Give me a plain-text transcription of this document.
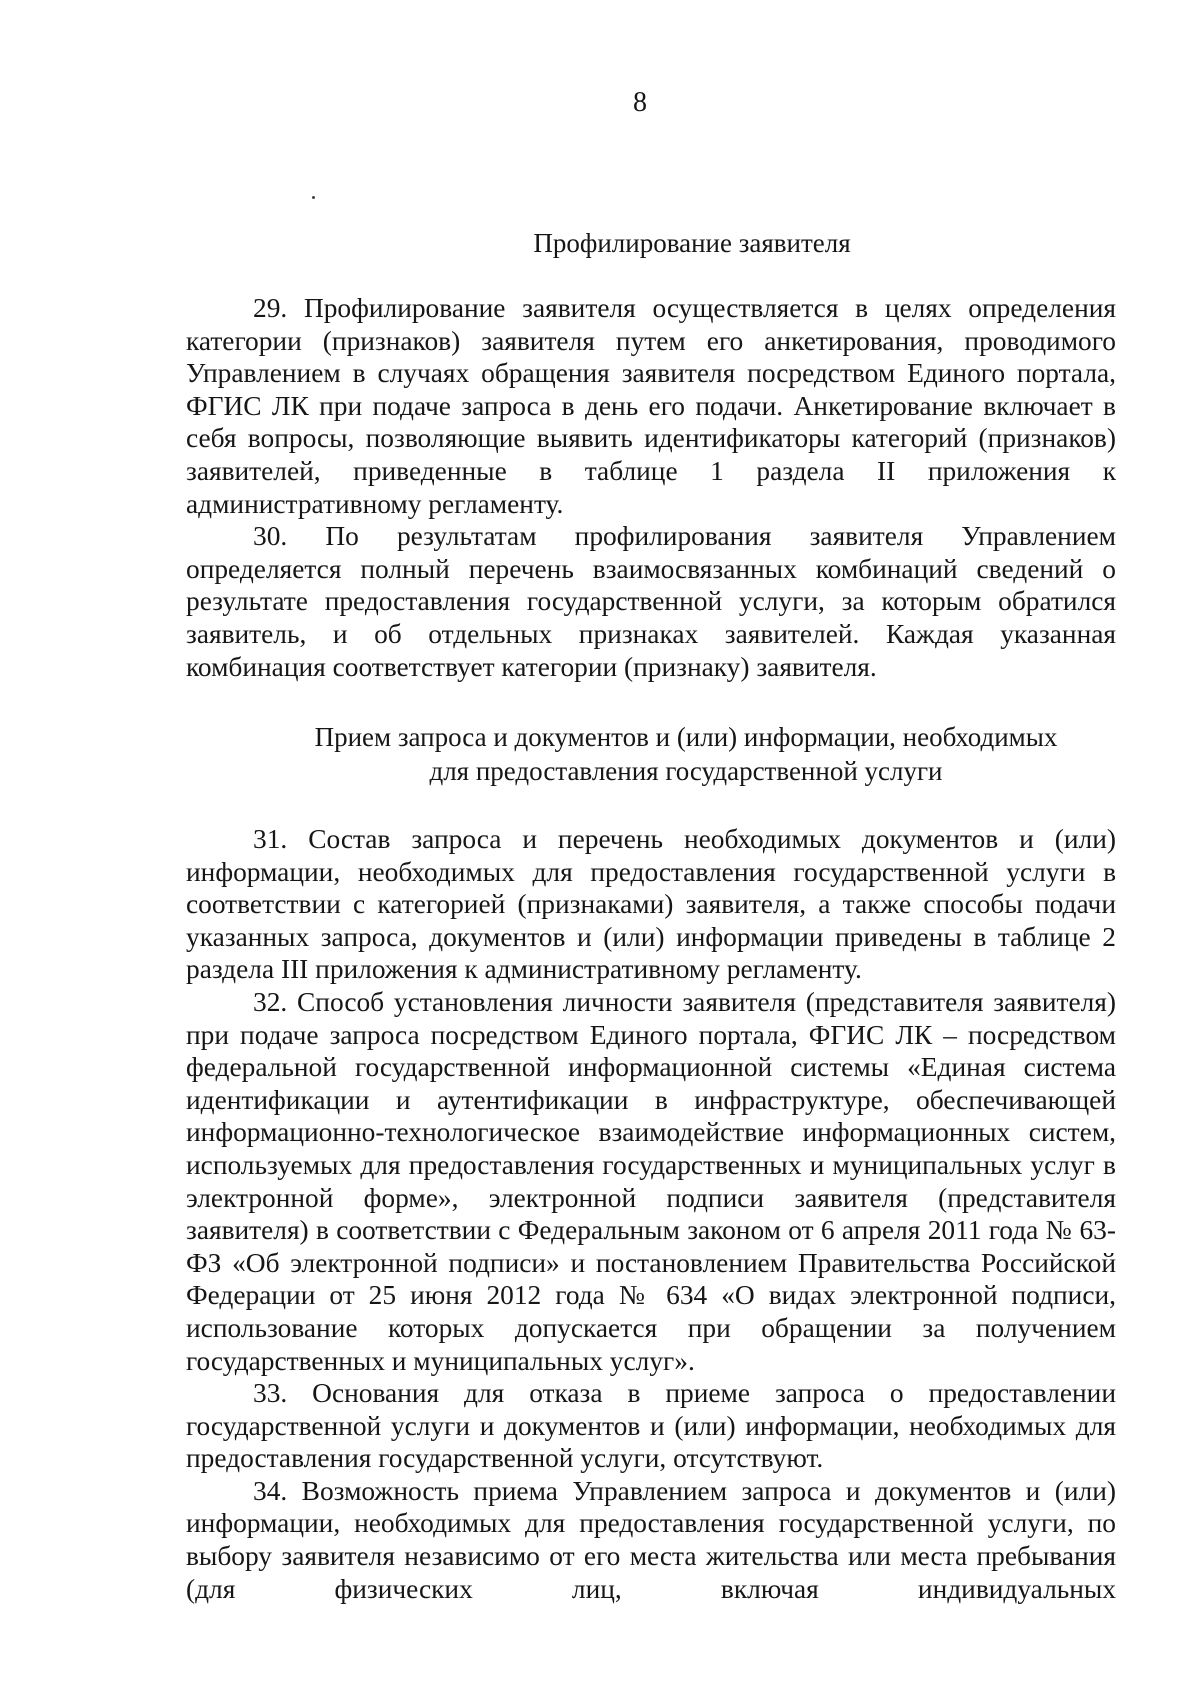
8
Профилирование заявителя

29. Профилирование заявителя осуществляется в целях определения категории (признаков) заявителя путем его анкетирования, проводимого Управлением в случаях обращения заявителя посредством Единого портала, ФГИС ЛК при подаче запроса в день его подачи. Анкетирование включает в себя вопросы, позволяющие выявить идентификаторы категорий (признаков) заявителей, приведенные в таблице 1 раздела II приложения к административному регламенту.

30. По результатам профилирования заявителя Управлением определяется полный перечень взаимосвязанных комбинаций сведений о результате предоставления государственной услуги, за которым обратился заявитель, и об отдельных признаках заявителей. Каждая указанная комбинация соответствует категории (признаку) заявителя.

Прием запроса и документов и (или) информации, необходимых
для предоставления государственной услуги

31. Состав запроса и перечень необходимых документов и (или) информации, необходимых для предоставления государственной услуги в соответствии с категорией (признаками) заявителя, а также способы подачи указанных запроса, документов и (или) информации приведены в таблице 2 раздела III приложения к административному регламенту.

32. Способ установления личности заявителя (представителя заявителя) при подаче запроса посредством Единого портала, ФГИС ЛК – посредством федеральной государственной информационной системы «Единая система идентификации и аутентификации в инфраструктуре, обеспечивающей информационно-технологическое взаимодействие информационных систем, используемых для предоставления государственных и муниципальных услуг в электронной форме», электронной подписи заявителя (представителя заявителя) в соответствии с Федеральным законом от 6 апреля 2011 года № 63-ФЗ «Об электронной подписи» и постановлением Правительства Российской Федерации от 25 июня 2012 года № 634 «О видах электронной подписи, использование которых допускается при обращении за получением государственных и муниципальных услуг».

33. Основания для отказа в приеме запроса о предоставлении государственной услуги и документов и (или) информации, необходимых для предоставления государственной услуги, отсутствуют.

34. Возможность приема Управлением запроса и документов и (или) информации, необходимых для предоставления государственной услуги, по выбору заявителя независимо от его места жительства или места пребывания (для физических лиц, включая индивидуальных
